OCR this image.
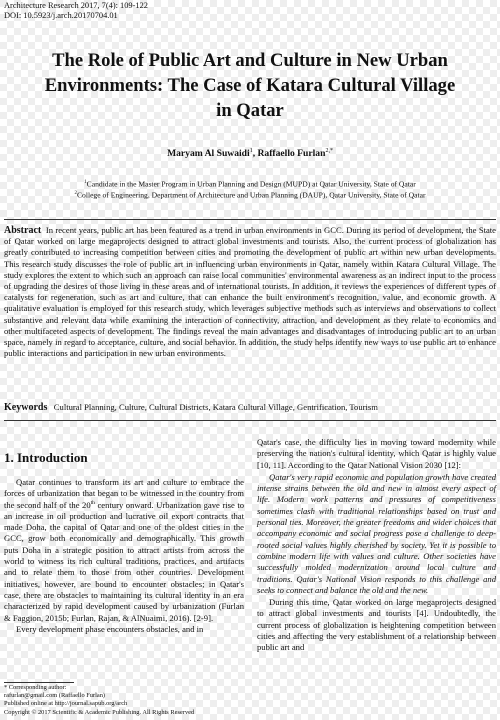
Architecture Research 2017, 7(4): 109-122
DOI: 10.5923/j.arch.20170704.01
The Role of Public Art and Culture in New Urban
Environments: The Case of Katara Cultural Village
in Qatar
Maryam Al Suwaidi$^1$, Raffaello Furlan$^{2,*}$
$^1$Candidate in the Master Program in Urban Planning and Design (MUPD) at Qatar University, State of Qatar
$^2$College of Engineering, Department of Architecture and Urban Planning (DAUP), Qatar University, State of Qatar
Abstract In recent years, public art has been featured as a trend in urban environments in GCC. During its period of development, the State of Qatar worked on large megaprojects designed to attract global investments and tourists. Also, the current process of globalization has greatly contributed to increasing competition between cities and promoting the development of public art within new urban developments. This research study discusses the role of public art in influencing urban environments in Qatar, namely within Katara Cultural Village. The study explores the extent to which such an approach can raise local communities' environmental awareness as an indirect input to the process of upgrading the desires of those living in these areas and of international tourists. In addition, it reviews the experiences of different types of catalysts for regeneration, such as art and culture, that can enhance the built environment's recognition, value, and economic growth. A qualitative evaluation is employed for this research study, which leverages subjective methods such as interviews and observations to collect substantive and relevant data while examining the interaction of connectivity, attraction, and development as they relate to economics and other multifaceted aspects of development. The findings reveal the main advantages and disadvantages of introducing public art to an urban space, namely in regard to acceptance, culture, and social behavior. In addition, the study helps identify new ways to use public art to enhance public interactions and participation in new urban environments.
Keywords Cultural Planning, Culture, Cultural Districts, Katara Cultural Village, Gentrification, Tourism
1. Introduction

Qatar continues to transform its art and culture to embrace the forces of urbanization that began to be witnessed in the country from the second half of the 20th century onward. Urbanization gave rise to an increase in oil production and lucrative oil export contracts that made Doha, the capital of Qatar and one of the oldest cities in the GCC, grow both economically and demographically. This growth puts Doha in a strategic position to attract artists from across the world to witness its rich cultural traditions, practices, and artifacts and to relate them to those from other countries. Development initiatives, however, are bound to encounter obstacles; in Qatar's case, there are obstacles to maintaining its cultural identity in an era characterized by rapid development caused by urbanization (Furlan & Faggion, 2015b; Furlan, Rajan, & AlNuaimi, 2016). [2-9].

Every development phase encounters obstacles, and in

Qatar's case, the difficulty lies in moving toward modernity while preserving the nation's cultural identity, which Qatar is highly value [10, 11]. According to the Qatar National Vision 2030 [12]:

Qatar's very rapid economic and population growth have created intense strains between the old and new in almost every aspect of life. Modern work patterns and pressures of competitiveness sometimes clash with traditional relationships based on trust and personal ties. Moreover, the greater freedoms and wider choices that accompany economic and social progress pose a challenge to deep-rooted social values highly cherished by society. Yet it is possible to combine modern life with values and culture. Other societies have successfully molded modernization around local culture and traditions. Qatar's National Vision responds to this challenge and seeks to connect and balance the old and the new.

During this time, Qatar worked on large megaprojects designed to attract global investments and tourists [4]. Undoubtedly, the current process of globalization is heightening competition between cities and affecting the very establishment of a relationship between public art and

* Corresponding author:
rafurlan@gmail.com (Raffaello Furlan)
Published online at http://journal.sapub.org/arch
Copyright © 2017 Scientific & Academic Publishing. All Rights Reserved
